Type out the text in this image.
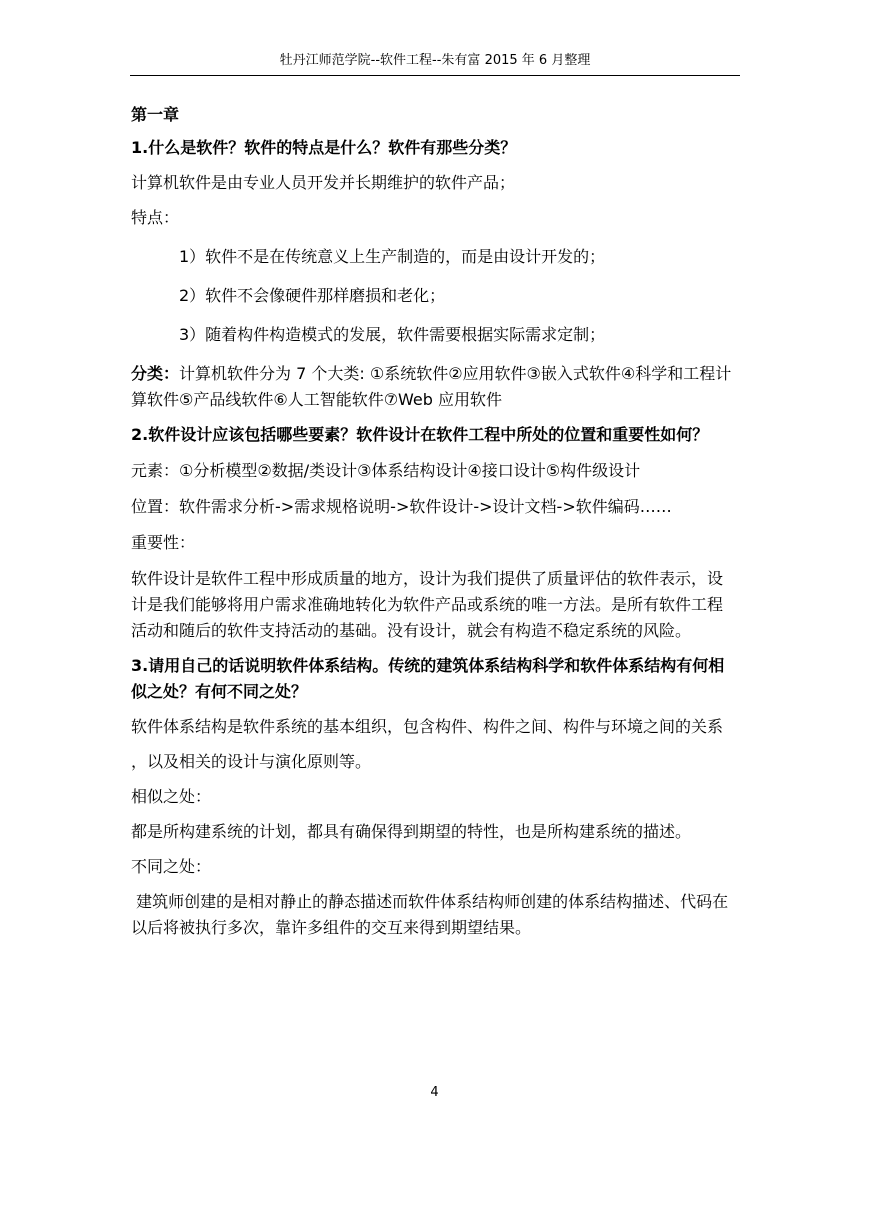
牡丹江师范学院--软件工程--朱有富 2015 年 6 月整理

第一章

1.什么是软件？软件的特点是什么？软件有那些分类？

计算机软件是由专业人员开发并长期维护的软件产品；

特点：

1）软件不是在传统意义上生产制造的，而是由设计开发的；

2）软件不会像硬件那样磨损和老化；

3）随着构件构造模式的发展，软件需要根据实际需求定制；

分类：计算机软件分为 7 个大类: ①系统软件②应用软件③嵌入式软件④科学和工程计

算软件⑤产品线软件⑥人工智能软件⑦Web 应用软件

2.软件设计应该包括哪些要素？软件设计在软件工程中所处的位置和重要性如何？

元素：①分析模型②数据/类设计③体系结构设计④接口设计⑤构件级设计

位置：软件需求分析->需求规格说明->软件设计->设计文档->软件编码……

重要性：

软件设计是软件工程中形成质量的地方，设计为我们提供了质量评估的软件表示，设

计是我们能够将用户需求准确地转化为软件产品或系统的唯一方法。是所有软件工程

活动和随后的软件支持活动的基础。没有设计，就会有构造不稳定系统的风险。

3.请用自己的话说明软件体系结构。传统的建筑体系结构科学和软件体系结构有何相

似之处？有何不同之处？

软件体系结构是软件系统的基本组织，包含构件、构件之间、构件与环境之间的关系

，以及相关的设计与演化原则等。

相似之处：

都是所构建系统的计划，都具有确保得到期望的特性，也是所构建系统的描述。

不同之处：

建筑师创建的是相对静止的静态描述而软件体系结构师创建的体系结构描述、代码在

以后将被执行多次，靠许多组件的交互来得到期望结果。

4
